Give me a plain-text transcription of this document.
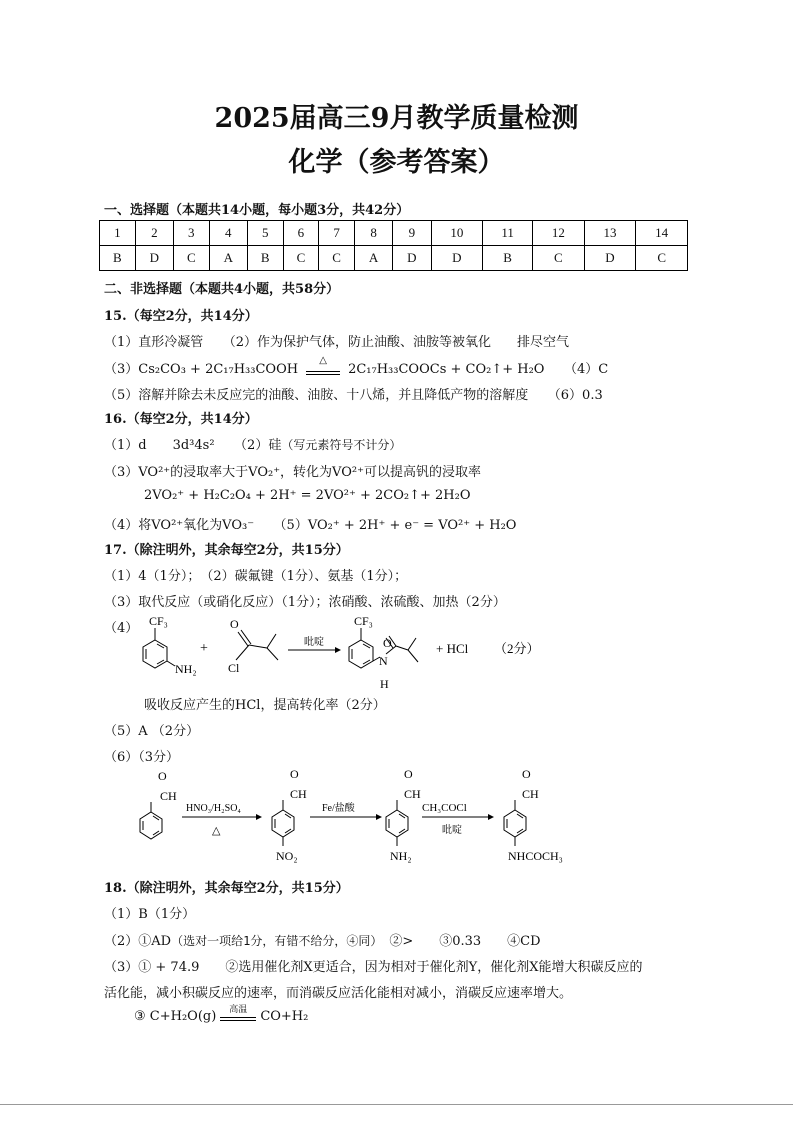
2025届高三9月教学质量检测
化学（参考答案）
一、选择题（本题共14小题，每小题3分，共42分）
1	2	3	4	5	6	7	8	9	10	11	12	13	14
B	D	C	A	B	C	C	A	D	D	B	C	D	C
二、非选择题（本题共4小题，共58分）
15.（每空2分，共14分）
（1）直形冷凝管　　（2）作为保护气体，防止油酸、油胺等被氧化　　排尽空气
（3）Cs₂CO₃ + 2C₁₇H₃₃COOH
△
2C₁₇H₃₃COOCs + CO₂↑+ H₂O　　（4）C
（5）溶解并除去未反应完的油酸、油胺、十八烯，并且降低产物的溶解度　　（6）0.3
16.（每空2分，共14分）
（1）d　　3d³4s²　　（2）硅（写元素符号不计分）
（3）VO²⁺的浸取率大于VO₂⁺，转化为VO²⁺可以提高钒的浸取率
2VO₂⁺ + H₂C₂O₄ + 2H⁺ = 2VO²⁺ + 2CO₂↑+ 2H₂O
（4）将VO²⁺氧化为VO₃⁻　　（5）VO₂⁺ + 2H⁺ + e⁻ = VO²⁺ + H₂O
17.（除注明外，其余每空2分，共15分）
（1）4（1分）；　（2）碳氟键（1分）、氨基（1分）；
（3）取代反应（或硝化反应）（1分）；浓硝酸、浓硫酸、加热（2分）
（4） CF₃
NH₂
+
O
Cl
吡啶
CF₃
O
N
H
+ HCl （2分）
吸收反应产生的HCl，提高转化率（2分）
（5）A （2分）
（6）（3分）
O
CH
HNO₃/H₂SO₄
△
O
CH
NO₂
Fe/盐酸
O
CH
NH₂
CH₃COCl
吡啶
O
CH
NHCOCH₃
18.（除注明外，其余每空2分，共15分）
（1）B（1分）
（2）①AD（选对一项给1分，有错不给分，④同）　 ②>　　③0.33　　④CD
（3）① + 74.9　　②选用催化剂X更适合，因为相对于催化剂Y，催化剂X能增大积碳反应的
活化能，减小积碳反应的速率，而消碳反应活化能相对减小，消碳反应速率增大。
③ C+H₂O(g)	高温	CO+H₂
